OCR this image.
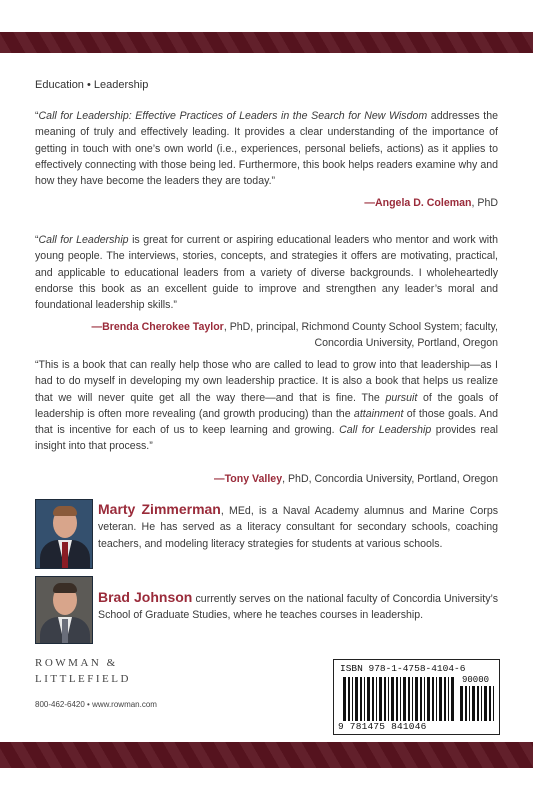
Education • Leadership
“Call for Leadership: Effective Practices of Leaders in the Search for New Wisdom addresses the meaning of truly and effectively leading. It provides a clear understanding of the importance of getting in touch with one’s own world (i.e., experiences, personal beliefs, actions) as it applies to effectively connecting with those being led. Furthermore, this book helps readers examine why and how they have become the leaders they are today.”
—Angela D. Coleman, PhD
“Call for Leadership is great for current or aspiring educational leaders who mentor and work with young people. The interviews, stories, concepts, and strategies it offers are motivating, practical, and applicable to educational leaders from a variety of diverse backgrounds. I wholeheartedly endorse this book as an excellent guide to improve and strengthen any leader’s moral and foundational leadership skills.”
—Brenda Cherokee Taylor, PhD, principal, Richmond County School System; faculty, Concordia University, Portland, Oregon
“This is a book that can really help those who are called to lead to grow into that leadership—as I had to do myself in developing my own leadership practice. It is also a book that helps us realize that we will never quite get all the way there—and that is fine. The pursuit of the goals of leadership is often more revealing (and growth producing) than the attainment of those goals. And that is incentive for each of us to keep learning and growing. Call for Leadership provides real insight into that process.”
—Tony Valley, PhD, Concordia University, Portland, Oregon
Marty Zimmerman, MEd, is a Naval Academy alumnus and Marine Corps veteran. He has served as a literacy consultant for secondary schools, coaching teachers, and modeling literacy strategies for students at various schools.
Brad Johnson currently serves on the national faculty of Concordia University’s School of Graduate Studies, where he teaches courses in leadership.
ROWMAN &
LITTLEFIELD
800-462-6420 • www.rowman.com
ISBN 978-1-4758-4104-6
90000
9 781475 841046
